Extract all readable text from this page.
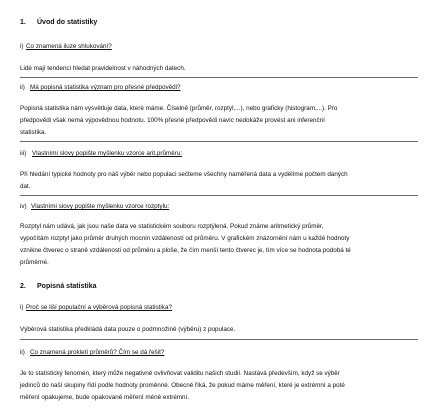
1. Úvod do statistiky
i) Co znamená iluze shlukování?
Lidé mají tendenci hledat pravidelnost v náhodných datech.
ii) Má popisná statistika význam pro přesné předpovědi?
Popisná statistika nám vysvětluje data, které máme. Číselně (průměr, rozptyl,...), nebo graficky (histogram,...). Pro
předpovědi však nemá výpovědnou hodnotu. 100% přesné předpovědi navíc nedokáže provést ani inferenční
statistika.
iii) Vlastními slovy popište myšlenku vzorce arit.průměru:
Při hledání typické hodnoty pro náš výběr nebo populaci sečteme všechny naměřená data a vydělíme počtem daných
dat.
iv) Vlastními slovy popište myšlenku vzorce rozptylu:
Rozptyl nám udává, jak jsou naše data ve statistickém souboru rozptýlená. Pokud známe aritmetický průměr,
vypočítám rozptyl jako průměr druhých mocnin vzdáleností od průměru. V grafickém znázornění nám u každé hodnoty
vznikne čtverec o straně vzdálenosti od průměru a ploše, že čím menší tento čtverec je, tím více se hodnota podobá té
průměrné.
2. Popisná statistika
i) Proč se liší populační a výběrová popisná statistika?
Výběrová statistika předkládá data pouze o podmnožině (výběru) z populace.
ii) Co znamená prokletí průměrů? Čím se dá řešit?
Je to statistický fenomén, který může negativně ovlivňovat validitu našich studií. Nastává především, když se výběr
jedinců do naší skupiny řídí podle hodnoty proměnné. Obecně říká, že pokud máme měření, které je extrémní a poté
měření opakujeme, bude opakované měření méně extrémní.
